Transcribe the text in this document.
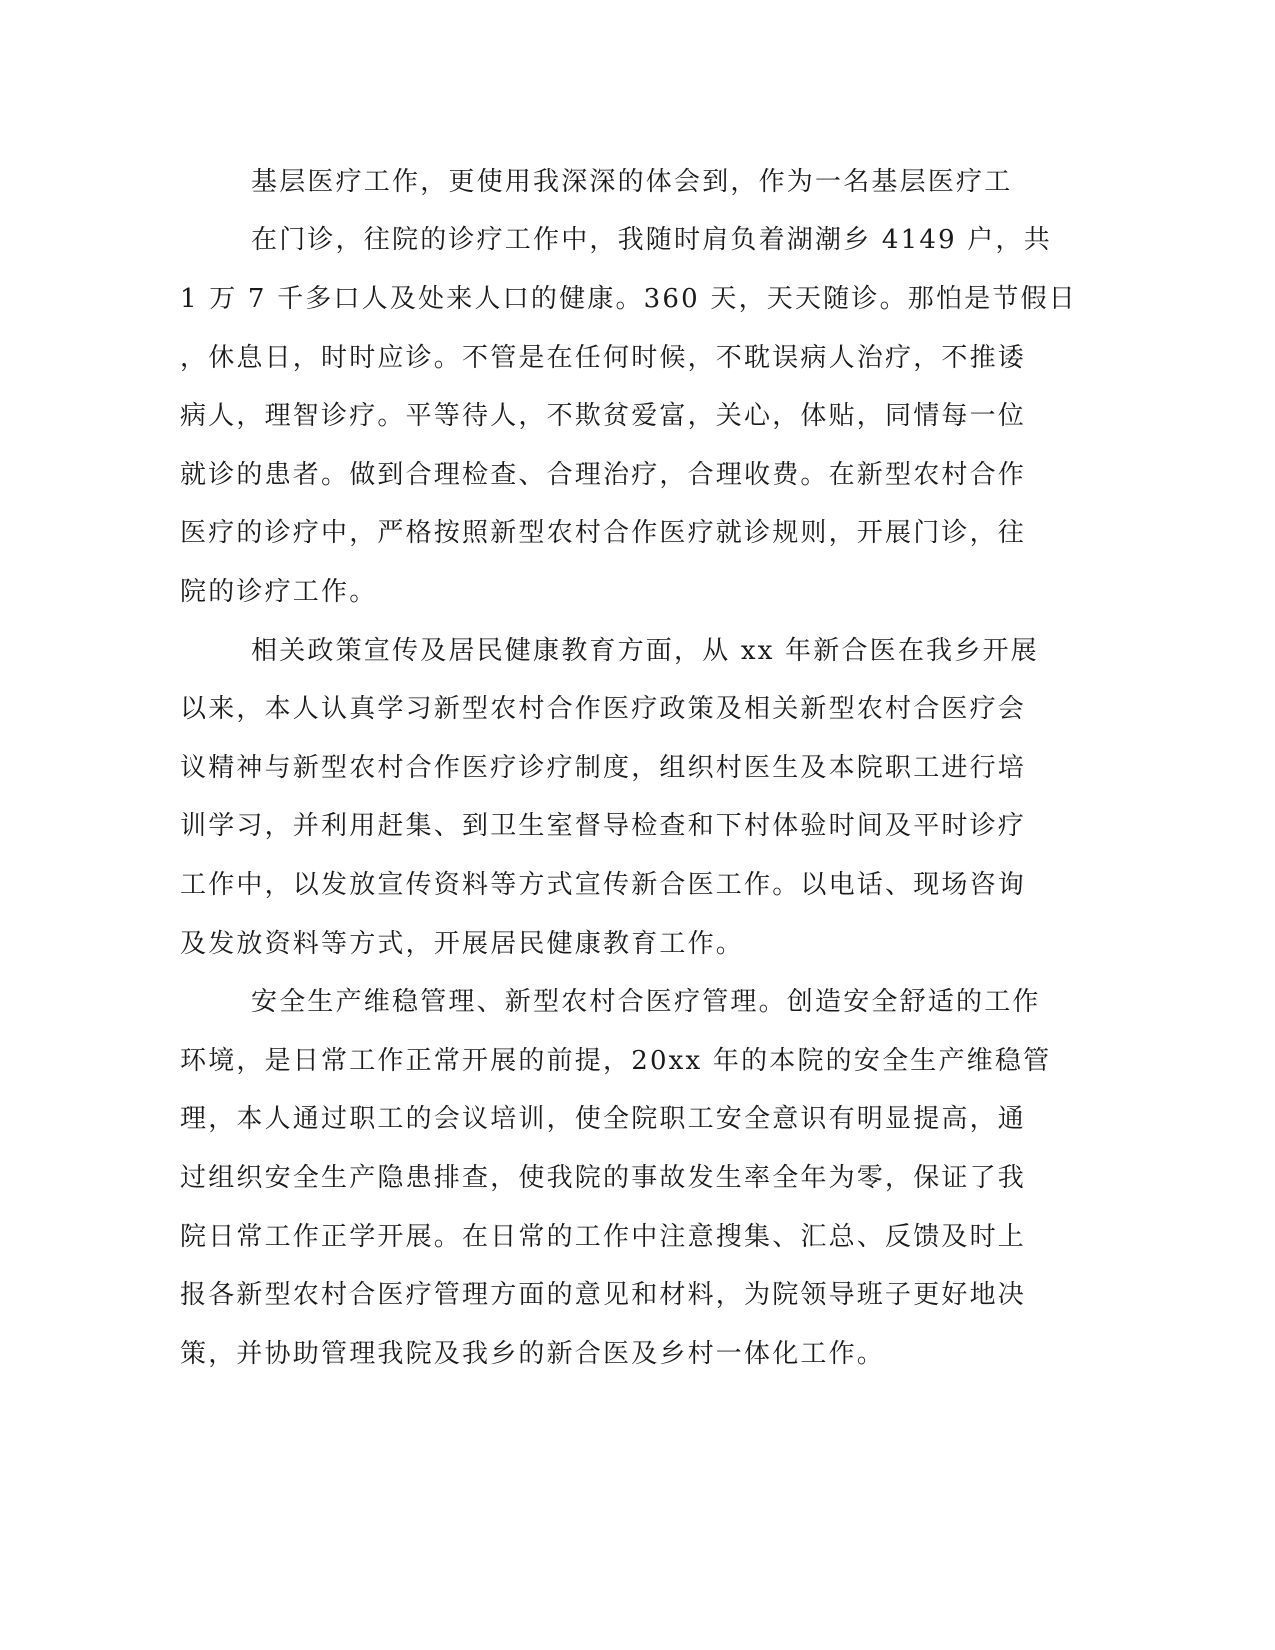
基层医疗工作，更使用我深深的体会到，作为一名基层医疗工

在门诊，往院的诊疗工作中，我随时肩负着湖潮乡 4149 户，共

1 万 7 千多口人及处来人口的健康。360 天，天天随诊。那怕是节假日

，休息日，时时应诊。不管是在任何时候，不耽误病人治疗，不推诿

病人，理智诊疗。平等待人，不欺贫爱富，关心，体贴，同情每一位

就诊的患者。做到合理检查、合理治疗，合理收费。在新型农村合作

医疗的诊疗中，严格按照新型农村合作医疗就诊规则，开展门诊，往

院的诊疗工作。

相关政策宣传及居民健康教育方面，从 xx 年新合医在我乡开展

以来，本人认真学习新型农村合作医疗政策及相关新型农村合医疗会

议精神与新型农村合作医疗诊疗制度，组织村医生及本院职工进行培

训学习，并利用赶集、到卫生室督导检查和下村体验时间及平时诊疗

工作中，以发放宣传资料等方式宣传新合医工作。以电话、现场咨询

及发放资料等方式，开展居民健康教育工作。

安全生产维稳管理、新型农村合医疗管理。创造安全舒适的工作

环境，是日常工作正常开展的前提，20xx 年的本院的安全生产维稳管

理，本人通过职工的会议培训，使全院职工安全意识有明显提高，通

过组织安全生产隐患排查，使我院的事故发生率全年为零，保证了我

院日常工作正学开展。在日常的工作中注意搜集、汇总、反馈及时上

报各新型农村合医疗管理方面的意见和材料，为院领导班子更好地决

策，并协助管理我院及我乡的新合医及乡村一体化工作。
